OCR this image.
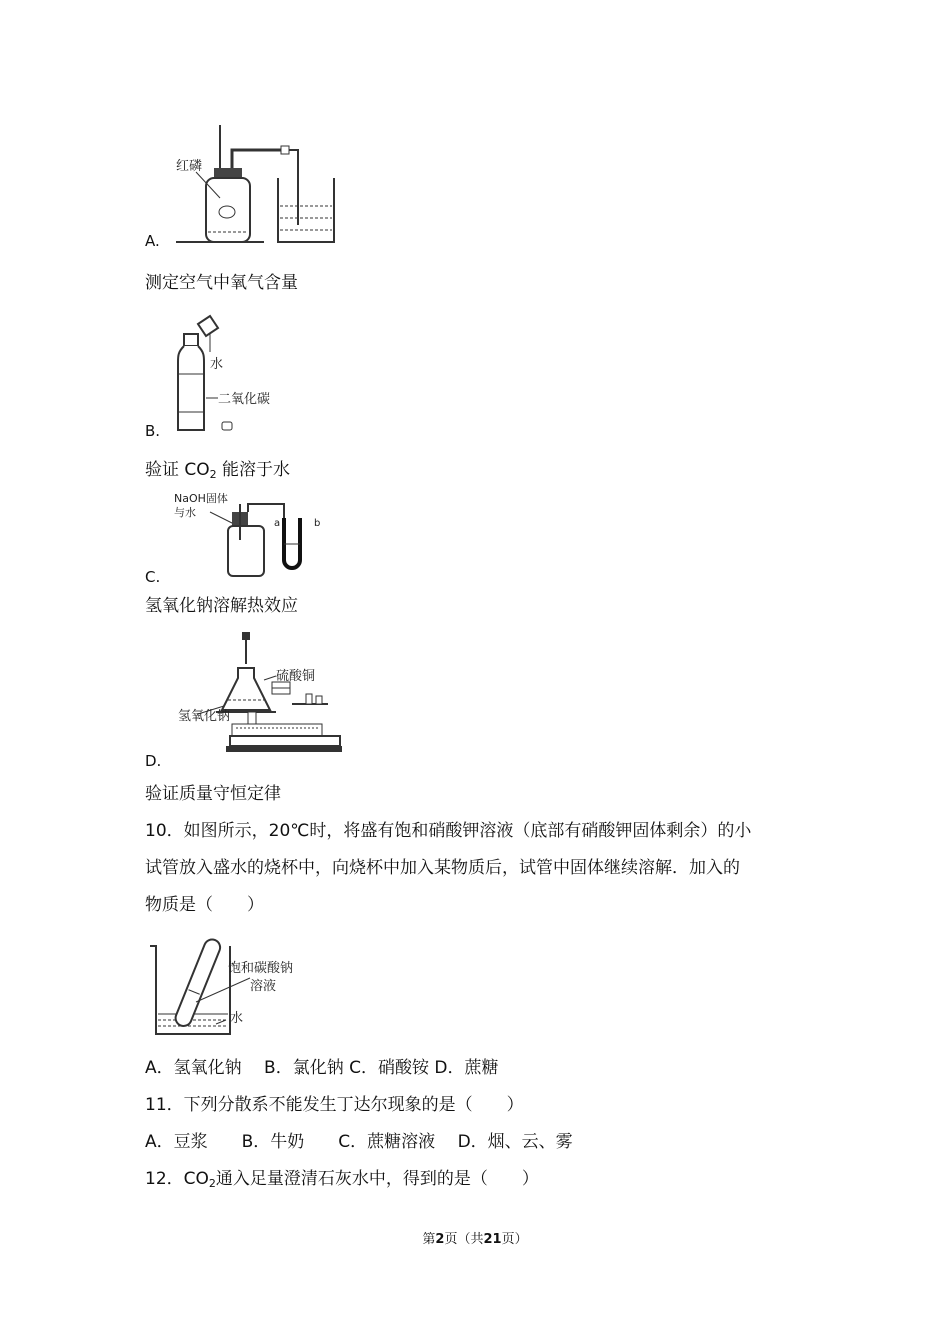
红磷
A.
测定空气中氧气含量
水
二氧化碳
B.
验证 $CO_2$ 能溶于水
NaOH固体
与水
a	b
C.
氢氧化钠溶解热效应
硫酸铜
氢氧化钠
D.
验证质量守恒定律
10．如图所示，20℃时，将盛有饱和硝酸钾溶液（底部有硝酸钾固体剩余）的小
试管放入盛水的烧杯中，向烧杯中加入某物质后，试管中固体继续溶解．加入的
物质是（　　）
饱和碳酸钠
溶液
水
A．氢氧化钠　 B．氯化钠 C．硝酸铵 D．蔗糖
11．下列分散系不能发生丁达尔现象的是（　　）
A．豆浆　　B．牛奶　　C．蔗糖溶液　 D．烟、云、雾
12．$CO_2$通入足量澄清石灰水中，得到的是（　　）
第2页（共21页）
